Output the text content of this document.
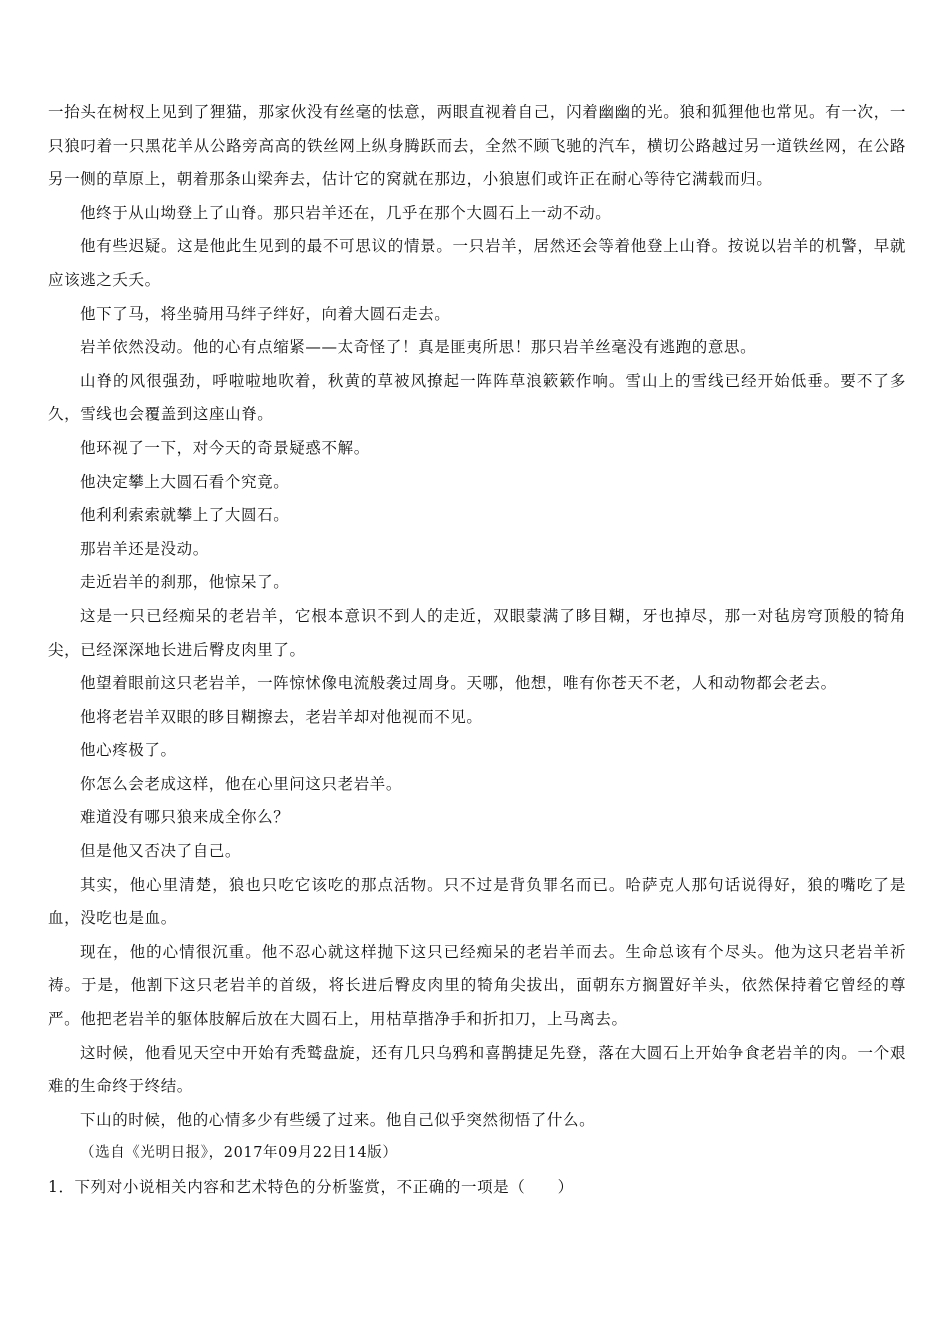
一抬头在树杈上见到了狸猫，那家伙没有丝毫的怯意，两眼直视着自己，闪着幽幽的光。狼和狐狸他也常见。有一次，一只狼叼着一只黑花羊从公路旁高高的铁丝网上纵身腾跃而去，全然不顾飞驰的汽车，横切公路越过另一道铁丝网，在公路另一侧的草原上，朝着那条山梁奔去，估计它的窝就在那边，小狼崽们或许正在耐心等待它满载而归。

他终于从山坳登上了山脊。那只岩羊还在，几乎在那个大圆石上一动不动。

他有些迟疑。这是他此生见到的最不可思议的情景。一只岩羊，居然还会等着他登上山脊。按说以岩羊的机警，早就应该逃之夭夭。

他下了马，将坐骑用马绊子绊好，向着大圆石走去。

岩羊依然没动。他的心有点缩紧——太奇怪了！真是匪夷所思！那只岩羊丝毫没有逃跑的意思。

山脊的风很强劲，呼啦啦地吹着，秋黄的草被风撩起一阵阵草浪簌簌作响。雪山上的雪线已经开始低垂。要不了多久，雪线也会覆盖到这座山脊。

他环视了一下，对今天的奇景疑惑不解。

他决定攀上大圆石看个究竟。

他利利索索就攀上了大圆石。

那岩羊还是没动。

走近岩羊的刹那，他惊呆了。

这是一只已经痴呆的老岩羊，它根本意识不到人的走近，双眼蒙满了眵目糊，牙也掉尽，那一对毡房穹顶般的犄角尖，已经深深地长进后臀皮肉里了。

他望着眼前这只老岩羊，一阵惊怵像电流般袭过周身。天哪，他想，唯有你苍天不老，人和动物都会老去。

他将老岩羊双眼的眵目糊擦去，老岩羊却对他视而不见。

他心疼极了。

你怎么会老成这样，他在心里问这只老岩羊。

难道没有哪只狼来成全你么？

但是他又否决了自己。

其实，他心里清楚，狼也只吃它该吃的那点活物。只不过是背负罪名而已。哈萨克人那句话说得好，狼的嘴吃了是血，没吃也是血。

现在，他的心情很沉重。他不忍心就这样抛下这只已经痴呆的老岩羊而去。生命总该有个尽头。他为这只老岩羊祈祷。于是，他割下这只老岩羊的首级，将长进后臀皮肉里的犄角尖拔出，面朝东方搁置好羊头，依然保持着它曾经的尊严。他把老岩羊的躯体肢解后放在大圆石上，用枯草揩净手和折扣刀，上马离去。

这时候，他看见天空中开始有秃鹫盘旋，还有几只乌鸦和喜鹊捷足先登，落在大圆石上开始争食老岩羊的肉。一个艰难的生命终于终结。

下山的时候，他的心情多少有些缓了过来。他自己似乎突然彻悟了什么。

（选自《光明日报》，2017年09月22日14版）

1．下列对小说相关内容和艺术特色的分析鉴赏，不正确的一项是（　　）
